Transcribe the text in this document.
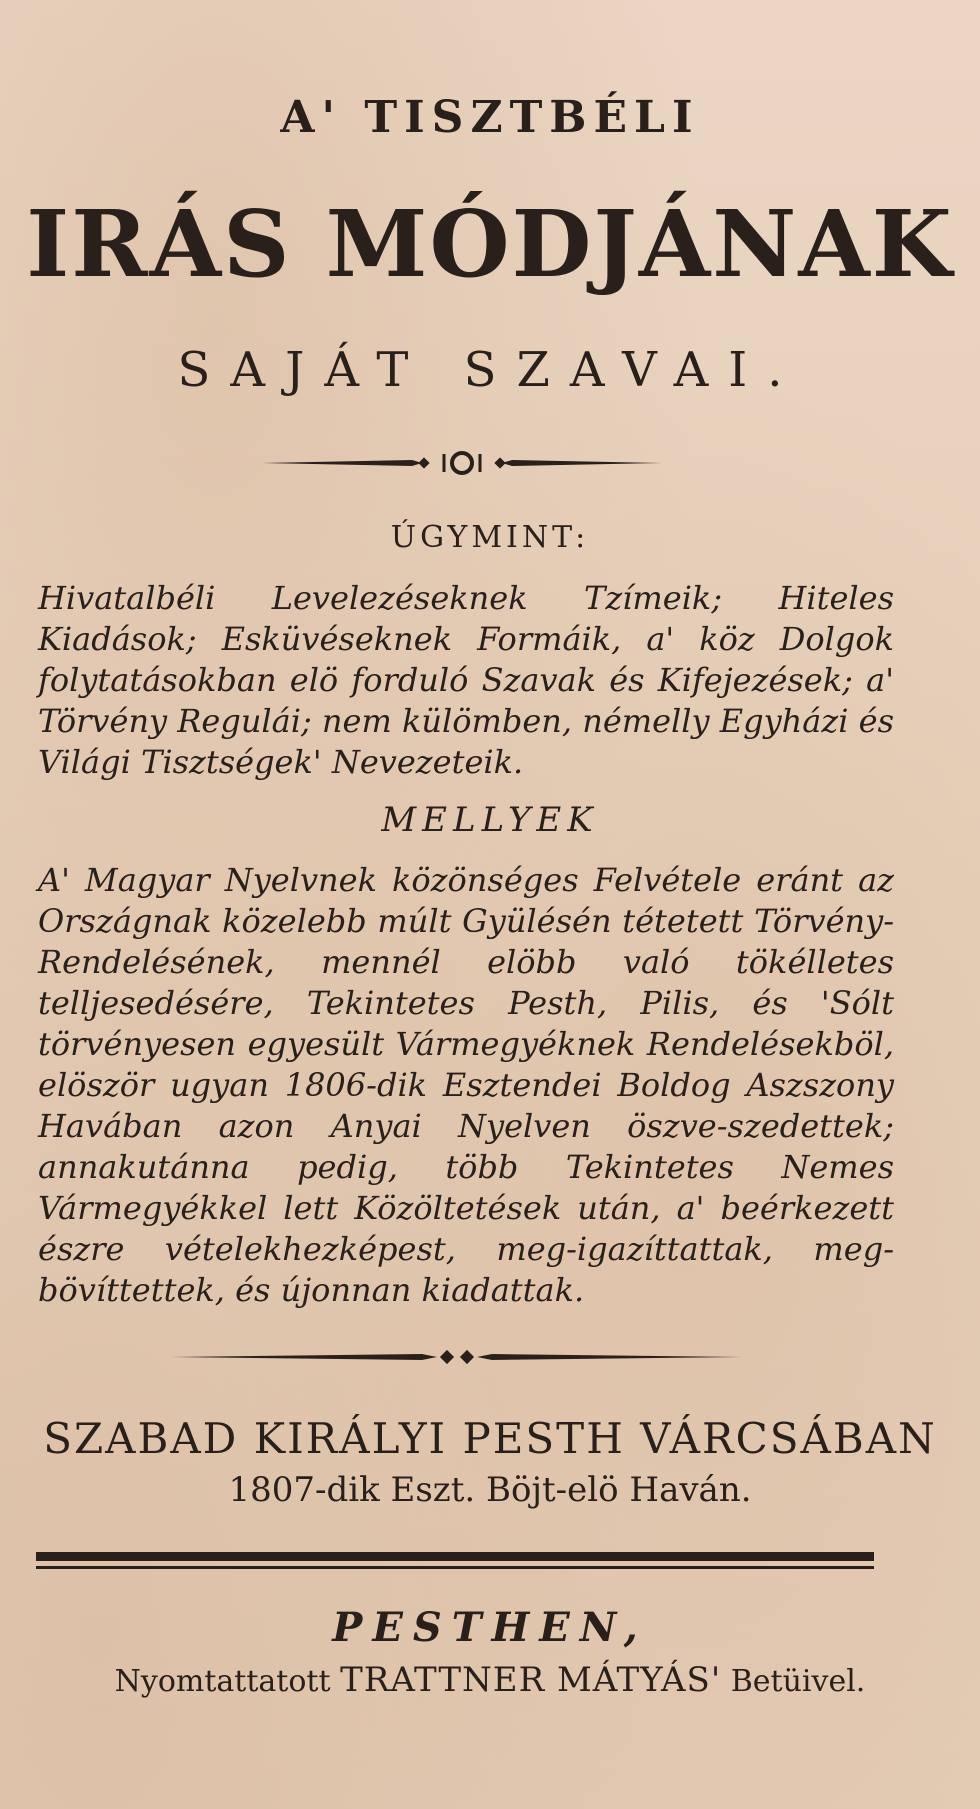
A' TISZTBÉLI
IRÁS MÓDJÁNAK
SAJÁT SZAVAI.
ÚGYMINT:
Hivatalbéli Levelezéseknek Tzímeik; Hiteles Kiadások; Esküvéseknek Formáik, a' köz Dolgok folytatásokban elö forduló Szavak és Kifejezések; a' Törvény Regulái; nem külömben, némelly Egyházi és Világi Tisztségek' Nevezeteik.
MELLYEK
A' Magyar Nyelvnek közönséges Felvétele eránt az Országnak közelebb múlt Gyülésén tétetett Törvény-Rendelésének, mennél elöbb való tökélletes telljesedésére, Tekintetes Pesth, Pilis, és 'Sólt törvényesen egyesült Vármegyéknek Rendelésekböl, elöször ugyan 1806-dik Esztendei Boldog Aszszony Havában azon Anyai Nyelven öszve-szedettek; annakutánna pedig, több Tekintetes Nemes Vármegyékkel lett Közöltetések után, a' beérkezett észre vételekhezképest, meg-igazíttattak, meg-bövíttettek, és újonnan kiadattak.
SZABAD KIRÁLYI PESTH VÁRCSÁBAN
1807-dik Eszt. Böjt-elö Haván.
PESTHEN,
Nyomtattatott TRATTNER MÁTYÁS' Betüivel.
